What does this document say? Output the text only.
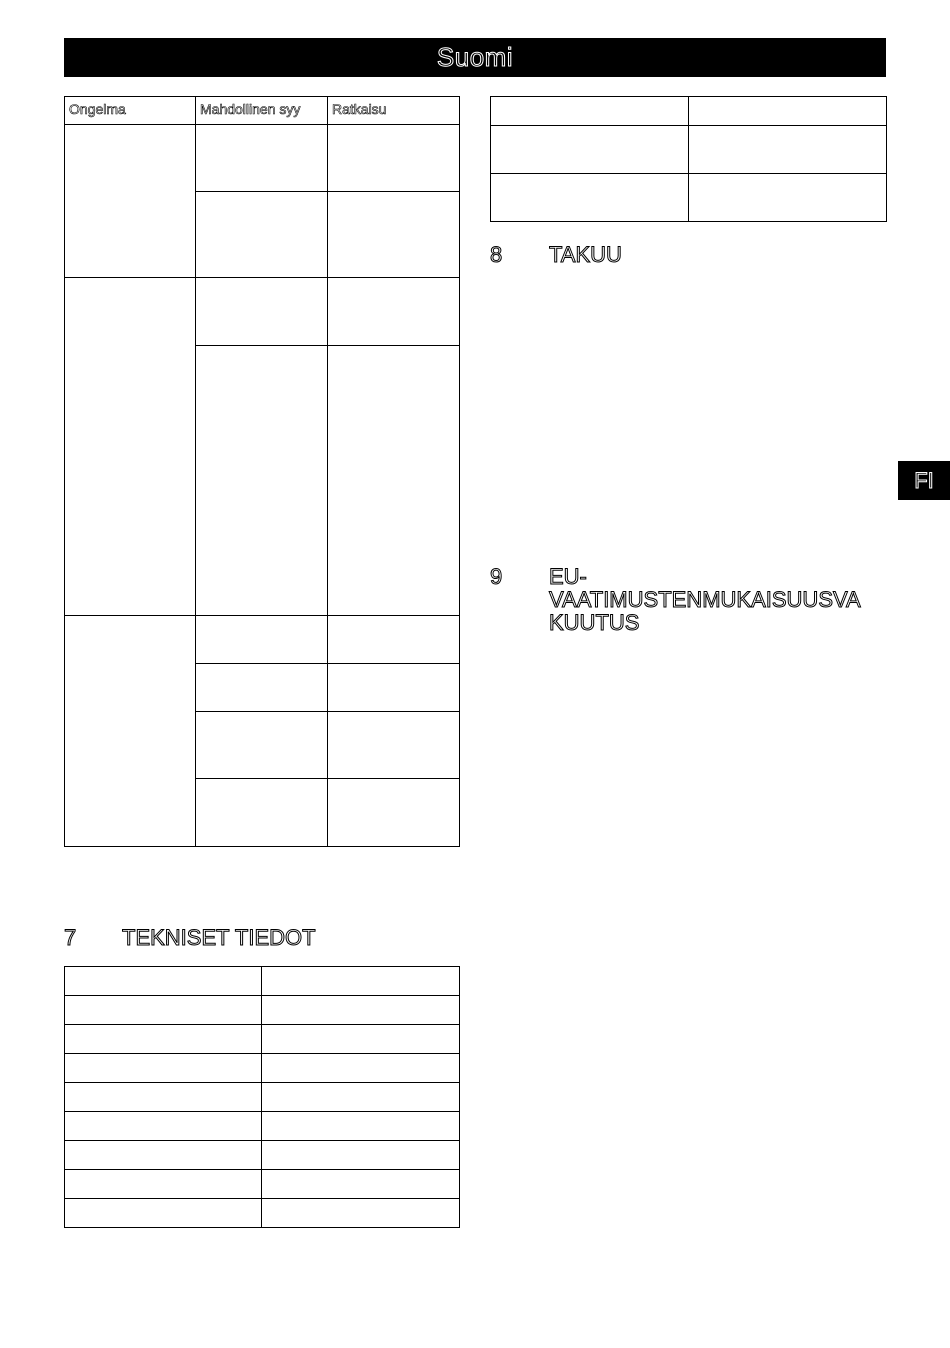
Suomi
FI
Ongelma	Mahdollinen syy	Ratkaisu

7 TEKNISET TIEDOT

8 TAKUU
9 EU-
VAATIMUSTENMUKAISUUSVA
KUUTUS
